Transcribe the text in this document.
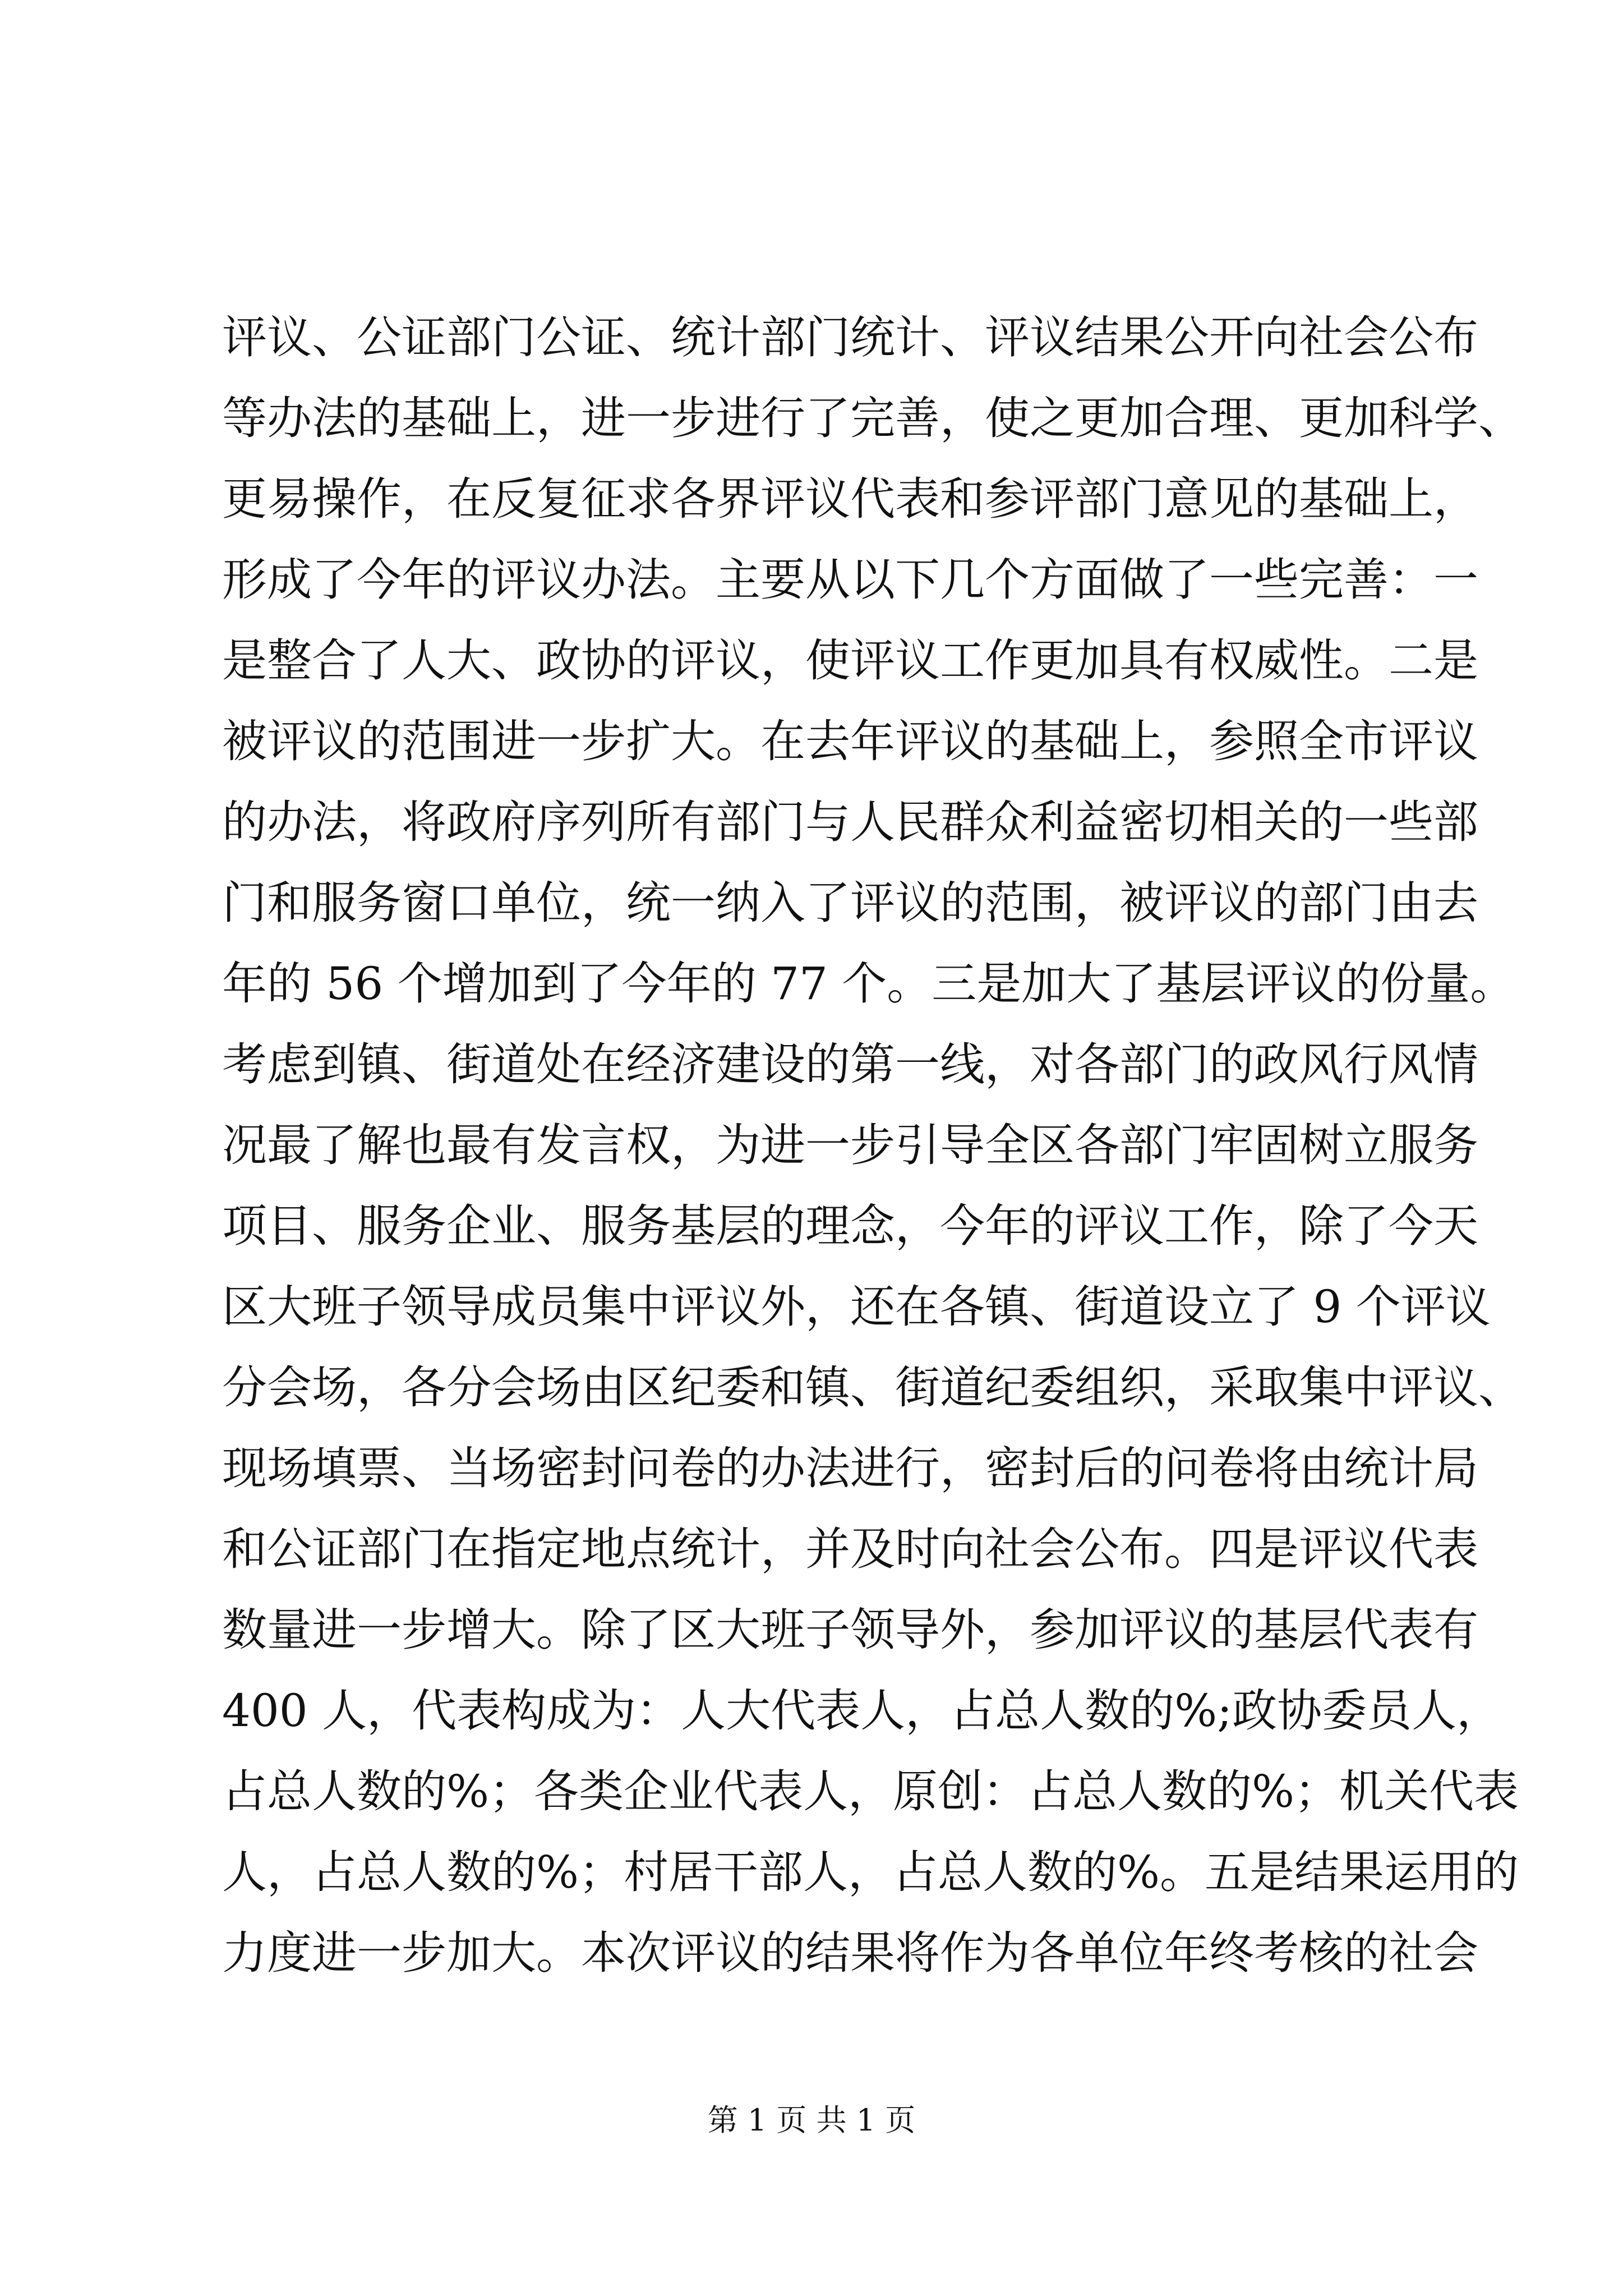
评议、公证部门公证、统计部门统计、评议结果公开向社会公布
等办法的基础上，进一步进行了完善，使之更加合理、更加科学、
更易操作，在反复征求各界评议代表和参评部门意见的基础上，
形成了今年的评议办法。主要从以下几个方面做了一些完善：一
是整合了人大、政协的评议，使评议工作更加具有权威性。二是
被评议的范围进一步扩大。在去年评议的基础上，参照全市评议
的办法，将政府序列所有部门与人民群众利益密切相关的一些部
门和服务窗口单位，统一纳入了评议的范围，被评议的部门由去
年的 56 个增加到了今年的 77 个。三是加大了基层评议的份量。
考虑到镇、街道处在经济建设的第一线，对各部门的政风行风情
况最了解也最有发言权，为进一步引导全区各部门牢固树立服务
项目、服务企业、服务基层的理念，今年的评议工作，除了今天
区大班子领导成员集中评议外，还在各镇、街道设立了 9 个评议
分会场，各分会场由区纪委和镇、街道纪委组织，采取集中评议、
现场填票、当场密封问卷的办法进行，密封后的问卷将由统计局
和公证部门在指定地点统计，并及时向社会公布。四是评议代表
数量进一步增大。除了区大班子领导外，参加评议的基层代表有
400 人，代表构成为：人大代表人，占总人数的%;政协委员人，
占总人数的%；各类企业代表人，原创：占总人数的%；机关代表
人，占总人数的%；村居干部人，占总人数的%。五是结果运用的
力度进一步加大。本次评议的结果将作为各单位年终考核的社会
第 1 页 共 1 页
